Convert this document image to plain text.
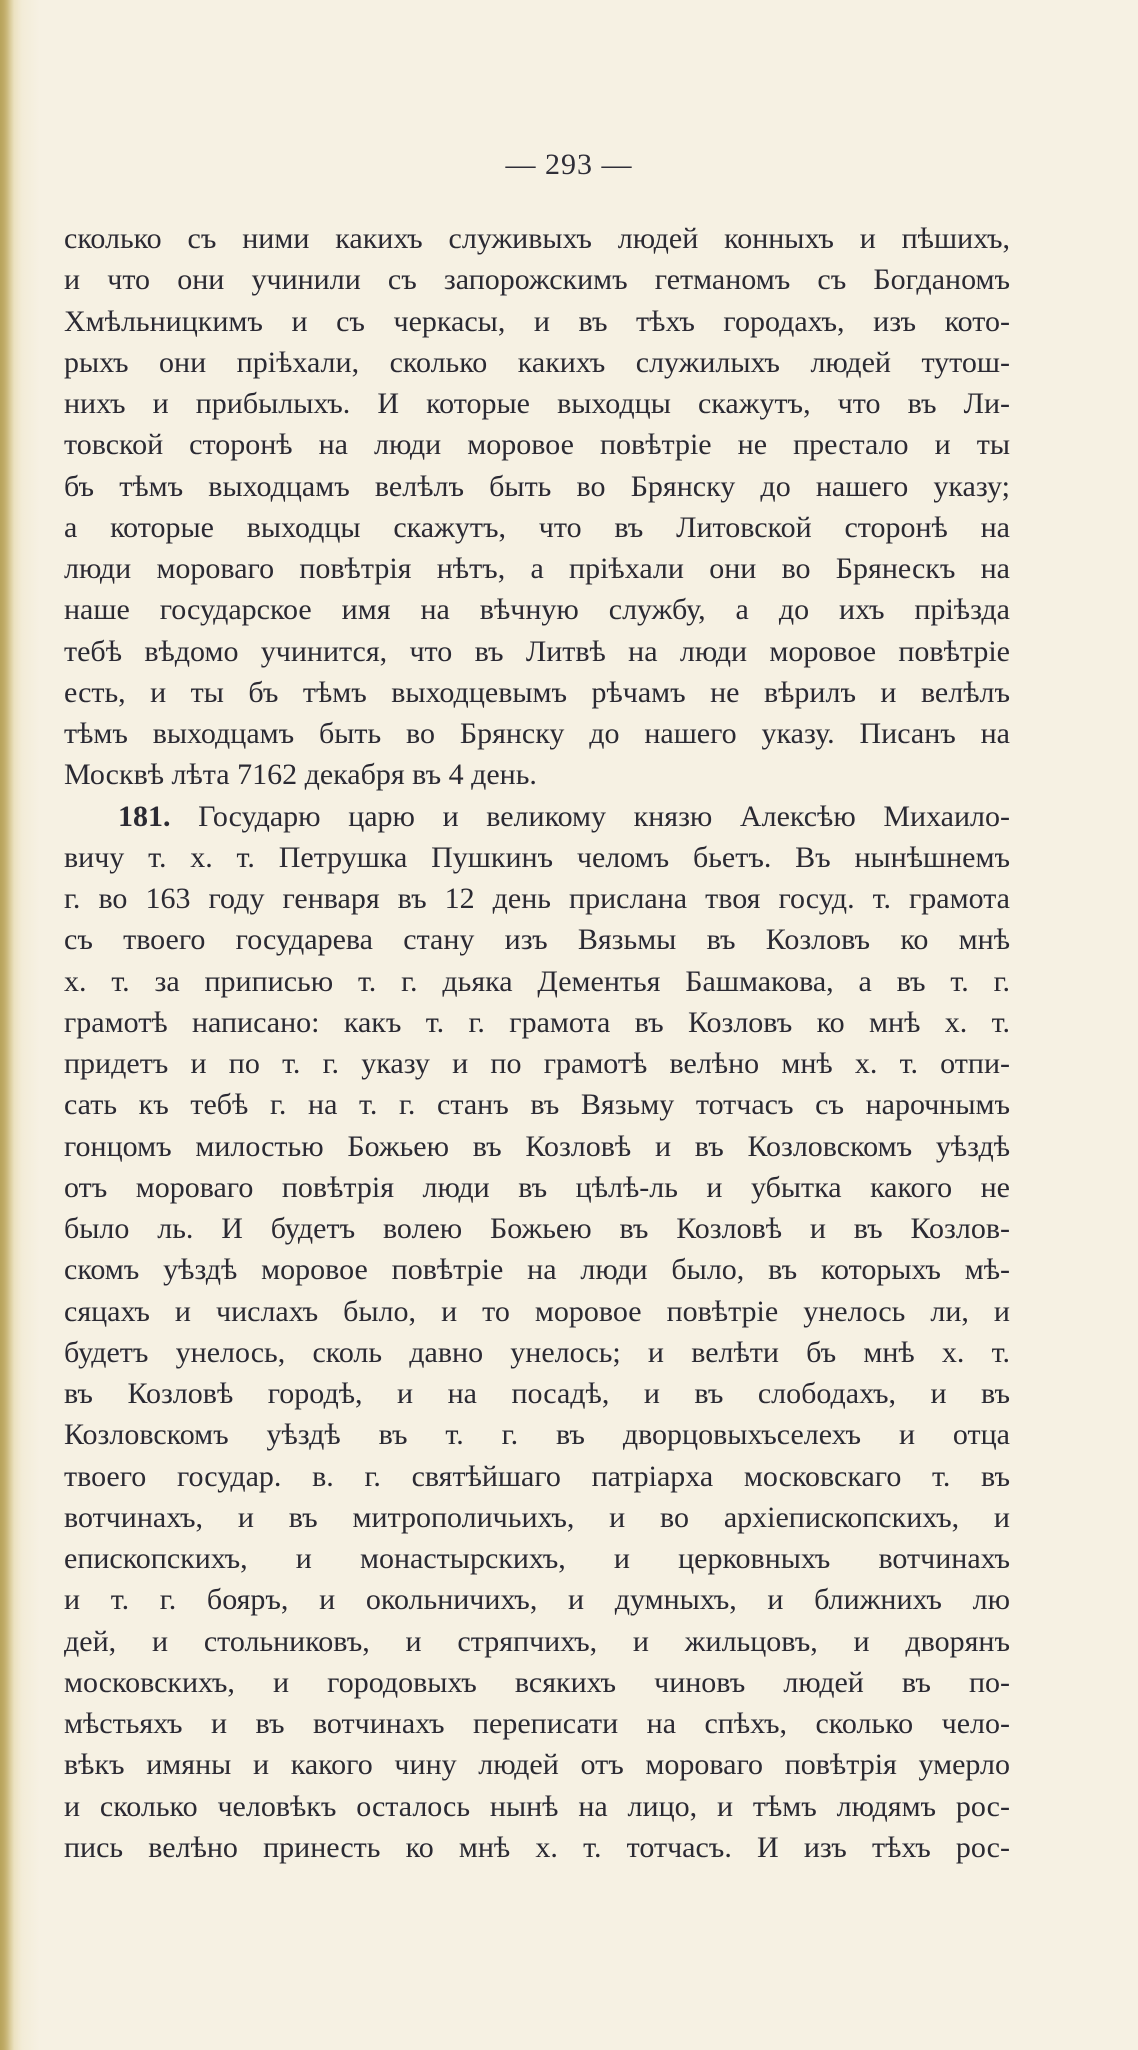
— 293 —
сколько съ ними какихъ служивыхъ людей конныхъ и пѣшихъ,
и что они учинили съ запорожскимъ гетманомъ съ Богданомъ
Хмѣльницкимъ и съ черкасы, и въ тѣхъ городахъ, изъ кото-
рыхъ они пріѣхали, сколько какихъ служилыхъ людей тутош-
нихъ и прибылыхъ. И которые выходцы скажутъ, что въ Ли-
товской сторонѣ на люди моровое повѣтріе не престало и ты
бъ тѣмъ выходцамъ велѣлъ быть во Брянску до нашего указу;
а которые выходцы скажутъ, что въ Литовской сторонѣ на
люди мороваго повѣтрія нѣтъ, а пріѣхали они во Брянескъ на
наше государское имя на вѣчную службу, а до ихъ пріѣзда
тебѣ вѣдомо учинится, что въ Литвѣ на люди моровое повѣтріе
есть, и ты бъ тѣмъ выходцевымъ рѣчамъ не вѣрилъ и велѣлъ
тѣмъ выходцамъ быть во Брянску до нашего указу. Писанъ на
Москвѣ лѣта 7162 декабря въ 4 день.
181. Государю царю и великому князю Алексѣю Михаило-
вичу т. х. т. Петрушка Пушкинъ челомъ бьетъ. Въ нынѣшнемъ
г. во 163 году генваря въ 12 день прислана твоя госуд. т. грамота
съ твоего государева стану изъ Вязьмы въ Козловъ ко мнѣ
х. т. за приписью т. г. дьяка Дементья Башмакова, а въ т. г.
грамотѣ написано: какъ т. г. грамота въ Козловъ ко мнѣ х. т.
придетъ и по т. г. указу и по грамотѣ велѣно мнѣ х. т. отпи-
сать къ тебѣ г. на т. г. станъ въ Вязьму тотчасъ съ нарочнымъ
гонцомъ милостью Божьею въ Козловѣ и въ Козловскомъ уѣздѣ
отъ мороваго повѣтрія люди въ цѣлѣ-ль и убытка какого не
было ль. И будетъ волею Божьею въ Козловѣ и въ Козлов-
скомъ уѣздѣ моровое повѣтріе на люди было, въ которыхъ мѣ-
сяцахъ и числахъ было, и то моровое повѣтріе унелось ли, и
будетъ унелось, сколь давно унелось; и велѣти бъ мнѣ х. т.
въ Козловѣ городѣ, и на посадѣ, и въ слободахъ, и въ
Козловскомъ уѣздѣ въ т. г. въ дворцовыхъселехъ и отца
твоего государ. в. г. святѣйшаго патріарха московскаго т. въ
вотчинахъ, и въ митрополичьихъ, и во архіепископскихъ, и
епископскихъ, и монастырскихъ, и церковныхъ вотчинахъ
и т. г. бояръ, и окольничихъ, и думныхъ, и ближнихъ лю
дей, и стольниковъ, и стряпчихъ, и жильцовъ, и дворянъ
московскихъ, и городовыхъ всякихъ чиновъ людей въ по-
мѣстьяхъ и въ вотчинахъ переписати на спѣхъ, сколько чело-
вѣкъ имяны и какого чину людей отъ мороваго повѣтрія умерло
и сколько человѣкъ осталось нынѣ на лицо, и тѣмъ людямъ рос-
пись велѣно принесть ко мнѣ х. т. тотчасъ. И изъ тѣхъ рос-
